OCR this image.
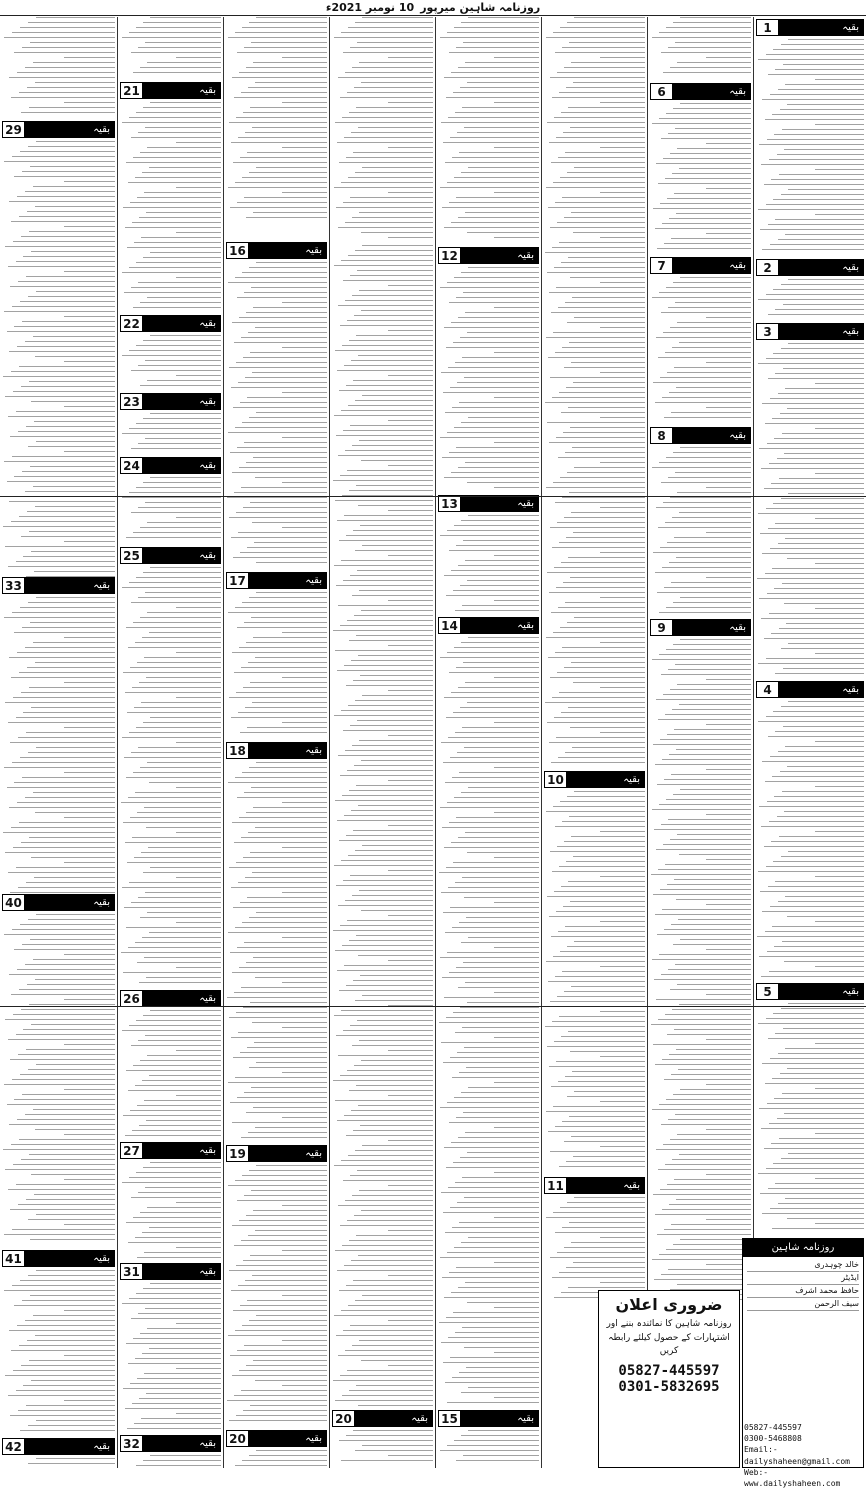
روزنامہ شاہین میرپور
10 نومبر 2021ء
29	بقیہ
33	بقیہ
40	بقیہ
41	بقیہ
42	بقیہ
21	بقیہ
22	بقیہ
23	بقیہ
24	بقیہ
25	بقیہ
26	بقیہ
27	بقیہ
31	بقیہ
32	بقیہ
16	بقیہ
17	بقیہ
18	بقیہ
19	بقیہ
20	بقیہ
20	بقیہ
12	بقیہ
13	بقیہ
14	بقیہ
15	بقیہ
10	بقیہ
11	بقیہ
6	بقیہ
7	بقیہ
8	بقیہ
9	بقیہ
1	بقیہ
2	بقیہ
3	بقیہ
4	بقیہ
5	بقیہ
روزنامہ شاہین
خالد چوہدری
ایڈیٹر
حافظ محمد اشرف
سیف الرحمن
ضروری اعلان
روزنامہ شاہین کا نمائندہ بننے اور اشتہارات کے حصول کیلئے رابطہ کریں
05827-445597
0301-5832695
05827-445597
0300-5468808
Email:-dailyshaheen@gmail.com
Web:-www.dailyshaheen.com
